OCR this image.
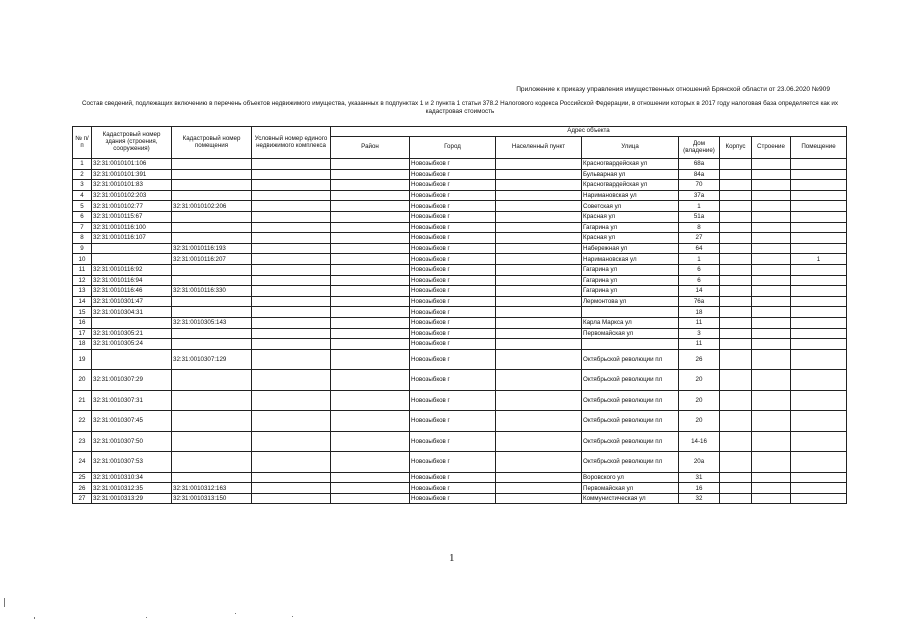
Приложение к приказу управления имущественных отношений Брянской области от 23.06.2020 №909
Состав сведений, подлежащих включению в перечень объектов недвижимого имущества, указанных в подпунктах 1 и 2 пункта 1 статьи 378.2 Налогового кодекса Российской Федерации, в отношении которых в 2017 году налоговая база определяется как их кадастровая стоимость
№ п/п	Кадастровый номер здания (строения, сооружения)	Кадастровый номер помещения	Условный номер единого недвижимого комплекса	Адрес объекта							
				Район	Город	Населенный пункт	Улица	Дом (владение)	Корпус	Строение	Помещение
1	32:31:0010101:106				Новозыбков г		Красногвардейская ул	68а			
2	32:31:0010101:391				Новозыбков г		Бульварная ул	84а			
3	32:31:0010101:83				Новозыбков г		Красногвардейская ул	70			
4	32:31:0010102:203				Новозыбков г		Наримановская ул	37а			
5	32:31:0010102:77	32:31:0010102:206			Новозыбков г		Советская ул	1			
6	32:31:0010115:67				Новозыбков г		Красная ул	51а			
7	32:31:0010116:100				Новозыбков г		Гагарина ул	8			
8	32:31:0010116:107				Новозыбков г		Красная ул	27			
9		32:31:0010116:193			Новозыбков г		Набережная ул	64			
10		32:31:0010116:207			Новозыбков г		Наримановская ул	1			1
11	32:31:0010116:92				Новозыбков г		Гагарина ул	6			
12	32:31:0010116:94				Новозыбков г		Гагарина ул	6			
13	32:31:0010116:46	32:31:0010116:330			Новозыбков г		Гагарина ул	14			
14	32:31:0010301:47				Новозыбков г		Лермонтова ул	76а			
15	32:31:0010304:31				Новозыбков г			18			
16		32:31:0010305:143			Новозыбков г		Карла Маркса ул	11			
17	32:31:0010305:21				Новозыбков г		Первомайская ул	3			
18	32:31:0010305:24				Новозыбков г			11			
19		32:31:0010307:129			Новозыбков г		Октябрьской революции пл	26			
20	32:31:0010307:29				Новозыбков г		Октябрьской революции пл	20			
21	32:31:0010307:31				Новозыбков г		Октябрьской революции пл	20			
22	32:31:0010307:45				Новозыбков г		Октябрьской революции пл	20			
23	32:31:0010307:50				Новозыбков г		Октябрьской революции пл	14-16			
24	32:31:0010307:53				Новозыбков г		Октябрьской революции пл	20а			
25	32:31:0010310:34				Новозыбков г		Воровского ул	31			
26	32:31:0010312:35	32:31:0010312:163			Новозыбков г		Первомайская ул	16			
27	32:31:0010313:29	32:31:0010313:150			Новозыбков г		Коммунистическая ул	32			
1
